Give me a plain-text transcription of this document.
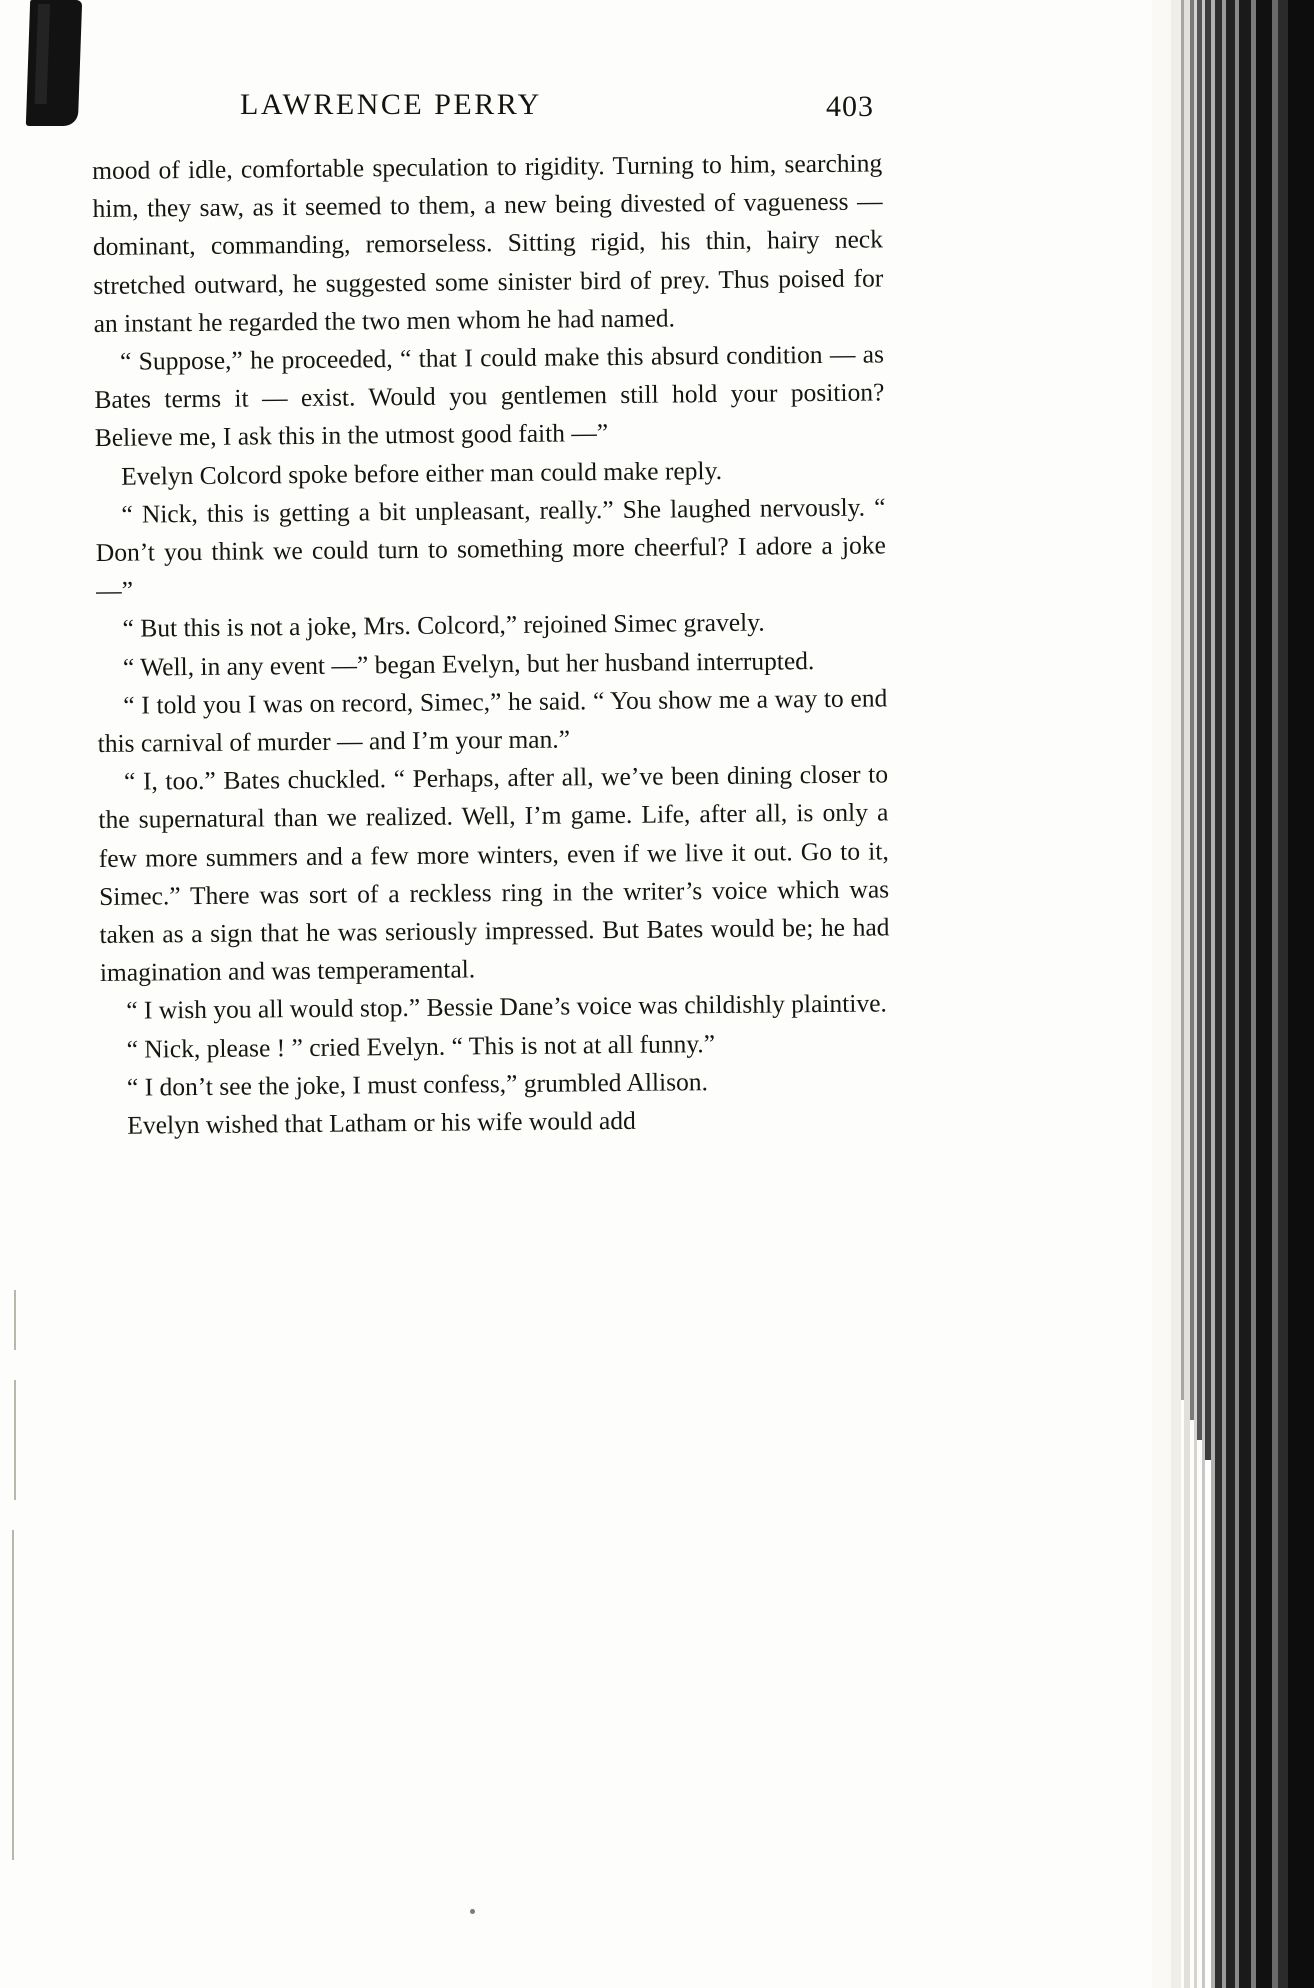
LAWRENCE PERRY	403

mood of idle, comfortable speculation to rigidity. Turning to him, searching him, they saw, as it seemed to them, a new being divested of vagueness — dominant, commanding, remorseless. Sitting rigid, his thin, hairy neck stretched outward, he suggested some sinister bird of prey. Thus poised for an instant he regarded the two men whom he had named.

“ Suppose,” he proceeded, “ that I could make this absurd condition — as Bates terms it — exist. Would you gentlemen still hold your position? Believe me, I ask this in the utmost good faith —”

Evelyn Colcord spoke before either man could make reply.

“ Nick, this is getting a bit unpleasant, really.” She laughed nervously. “ Don’t you think we could turn to something more cheerful? I adore a joke —”

“ But this is not a joke, Mrs. Colcord,” rejoined Simec gravely.

“ Well, in any event —” began Evelyn, but her husband interrupted.

“ I told you I was on record, Simec,” he said. “ You show me a way to end this carnival of murder — and I’m your man.”

“ I, too.” Bates chuckled. “ Perhaps, after all, we’ve been dining closer to the supernatural than we realized. Well, I’m game. Life, after all, is only a few more summers and a few more winters, even if we live it out. Go to it, Simec.” There was sort of a reckless ring in the writer’s voice which was taken as a sign that he was seriously impressed. But Bates would be; he had imagination and was temperamental.

“ I wish you all would stop.” Bessie Dane’s voice was childishly plaintive.

“ Nick, please ! ” cried Evelyn. “ This is not at all funny.”

“ I don’t see the joke, I must confess,” grumbled Allison.

Evelyn wished that Latham or his wife would add
